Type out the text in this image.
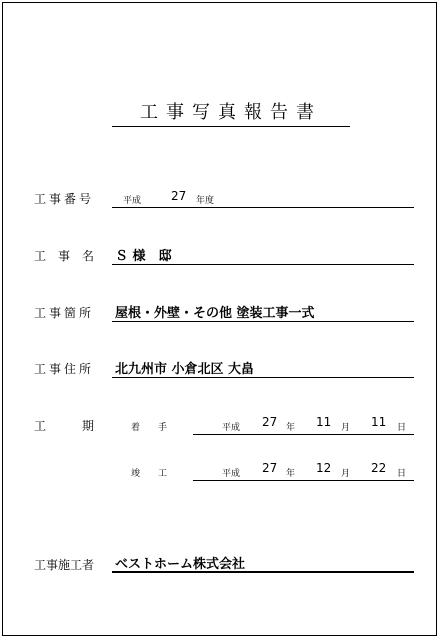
工事写真報告書
工事番号	平成 27 年度
工　事　名 Ｓ 様　邸
工事箇所 屋根・外壁・その他 塗装工事一式
工事住所 北九州市 小倉北区 大畠
工　　　期	着　　手	平成 27 年 11 月 11 日
竣　　工	平成 27 年 12 月 22 日
工事施工者 ベストホーム株式会社
